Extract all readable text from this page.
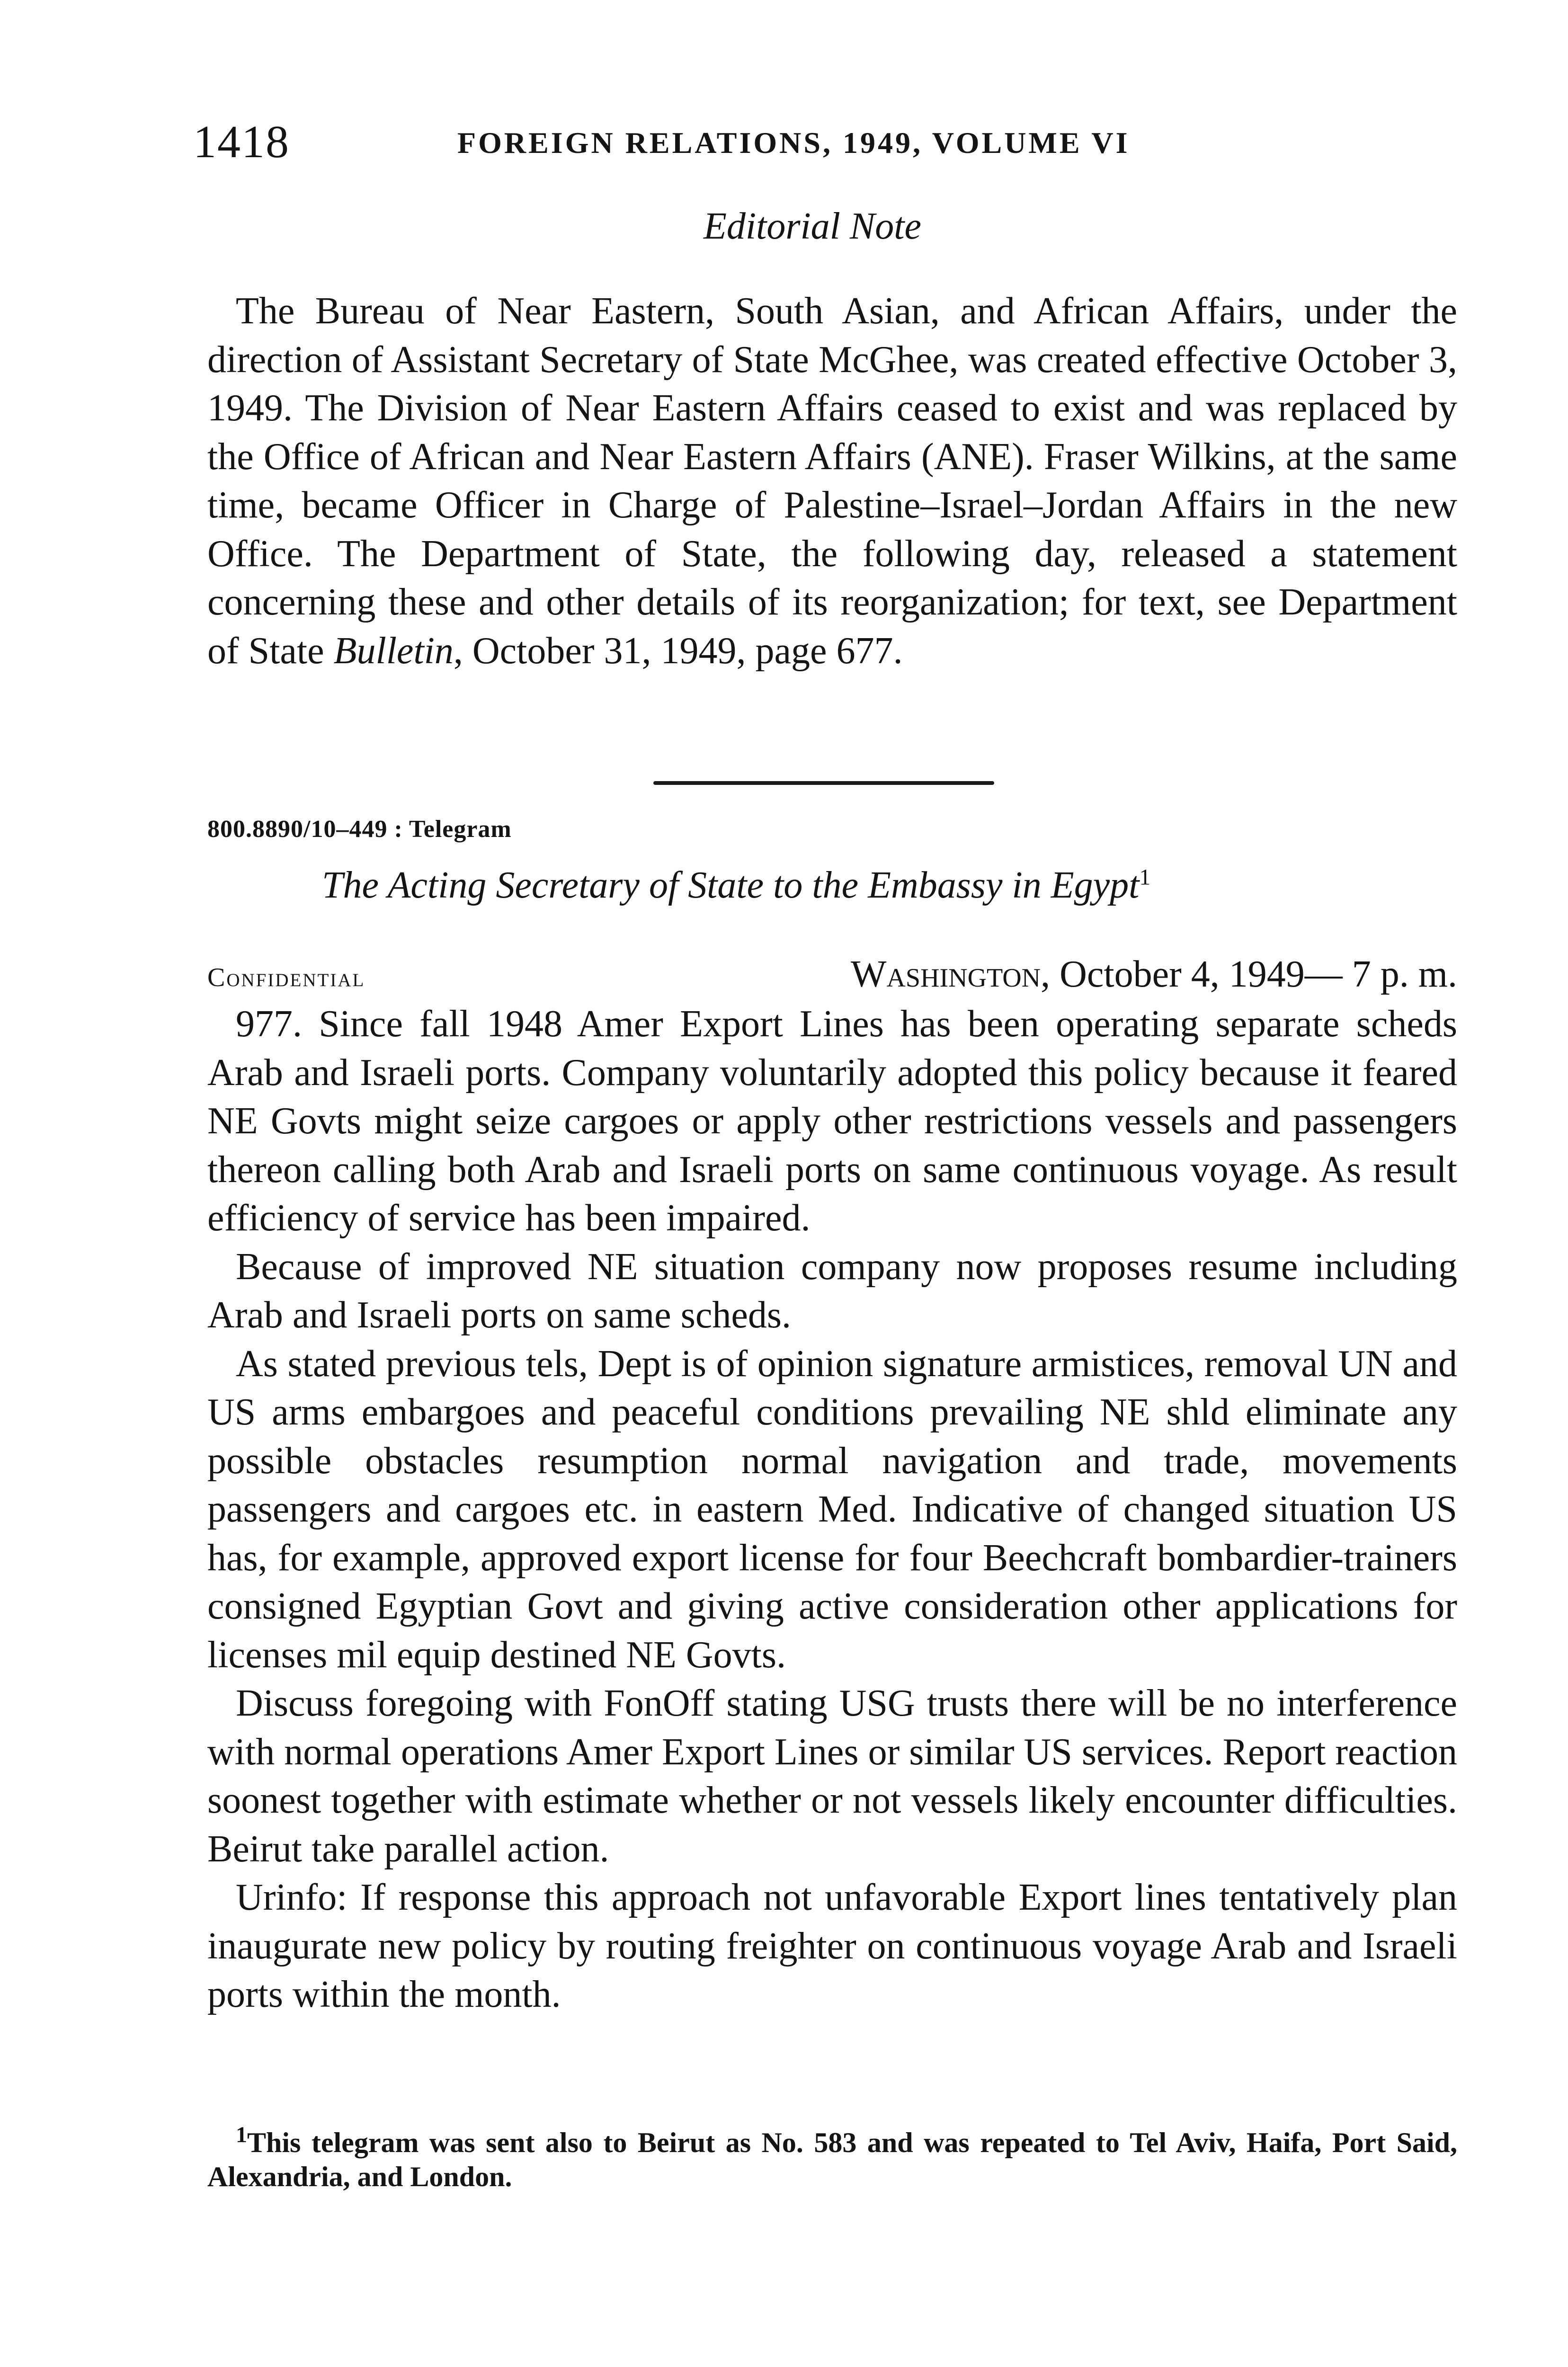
1418	FOREIGN RELATIONS, 1949, VOLUME VI
Editorial Note

The Bureau of Near Eastern, South Asian, and African Affairs, under the direction of Assistant Secretary of State McGhee, was created effective October 3, 1949. The Division of Near Eastern Affairs ceased to exist and was replaced by the Office of African and Near Eastern Affairs (ANE). Fraser Wilkins, at the same time, became Officer in Charge of Palestine–Israel–Jordan Affairs in the new Office. The Department of State, the following day, released a statement concerning these and other details of its reorganization; for text, see Department of State Bulletin, October 31, 1949, page 677.

800.8890/10–449 : Telegram
The Acting Secretary of State to the Embassy in Egypt$^1$
Confidential	Washington, October 4, 1949— 7 p. m.

977. Since fall 1948 Amer Export Lines has been operating separate scheds Arab and Israeli ports. Company voluntarily adopted this policy because it feared NE Govts might seize cargoes or apply other restrictions vessels and passengers thereon calling both Arab and Israeli ports on same continuous voyage. As result efficiency of service has been impaired.

Because of improved NE situation company now proposes resume including Arab and Israeli ports on same scheds.

As stated previous tels, Dept is of opinion signature armistices, removal UN and US arms embargoes and peaceful conditions prevailing NE shld eliminate any possible obstacles resumption normal navigation and trade, movements passengers and cargoes etc. in eastern Med. Indicative of changed situation US has, for example, approved export license for four Beechcraft bombardier-trainers consigned Egyptian Govt and giving active consideration other applications for licenses mil equip destined NE Govts.

Discuss foregoing with FonOff stating USG trusts there will be no interference with normal operations Amer Export Lines or similar US services. Report reaction soonest together with estimate whether or not vessels likely encounter difficulties. Beirut take parallel action.

Urinfo: If response this approach not unfavorable Export lines tentatively plan inaugurate new policy by routing freighter on continuous voyage Arab and Israeli ports within the month.

$^1$This telegram was sent also to Beirut as No. 583 and was repeated to Tel Aviv, Haifa, Port Said, Alexandria, and London.
